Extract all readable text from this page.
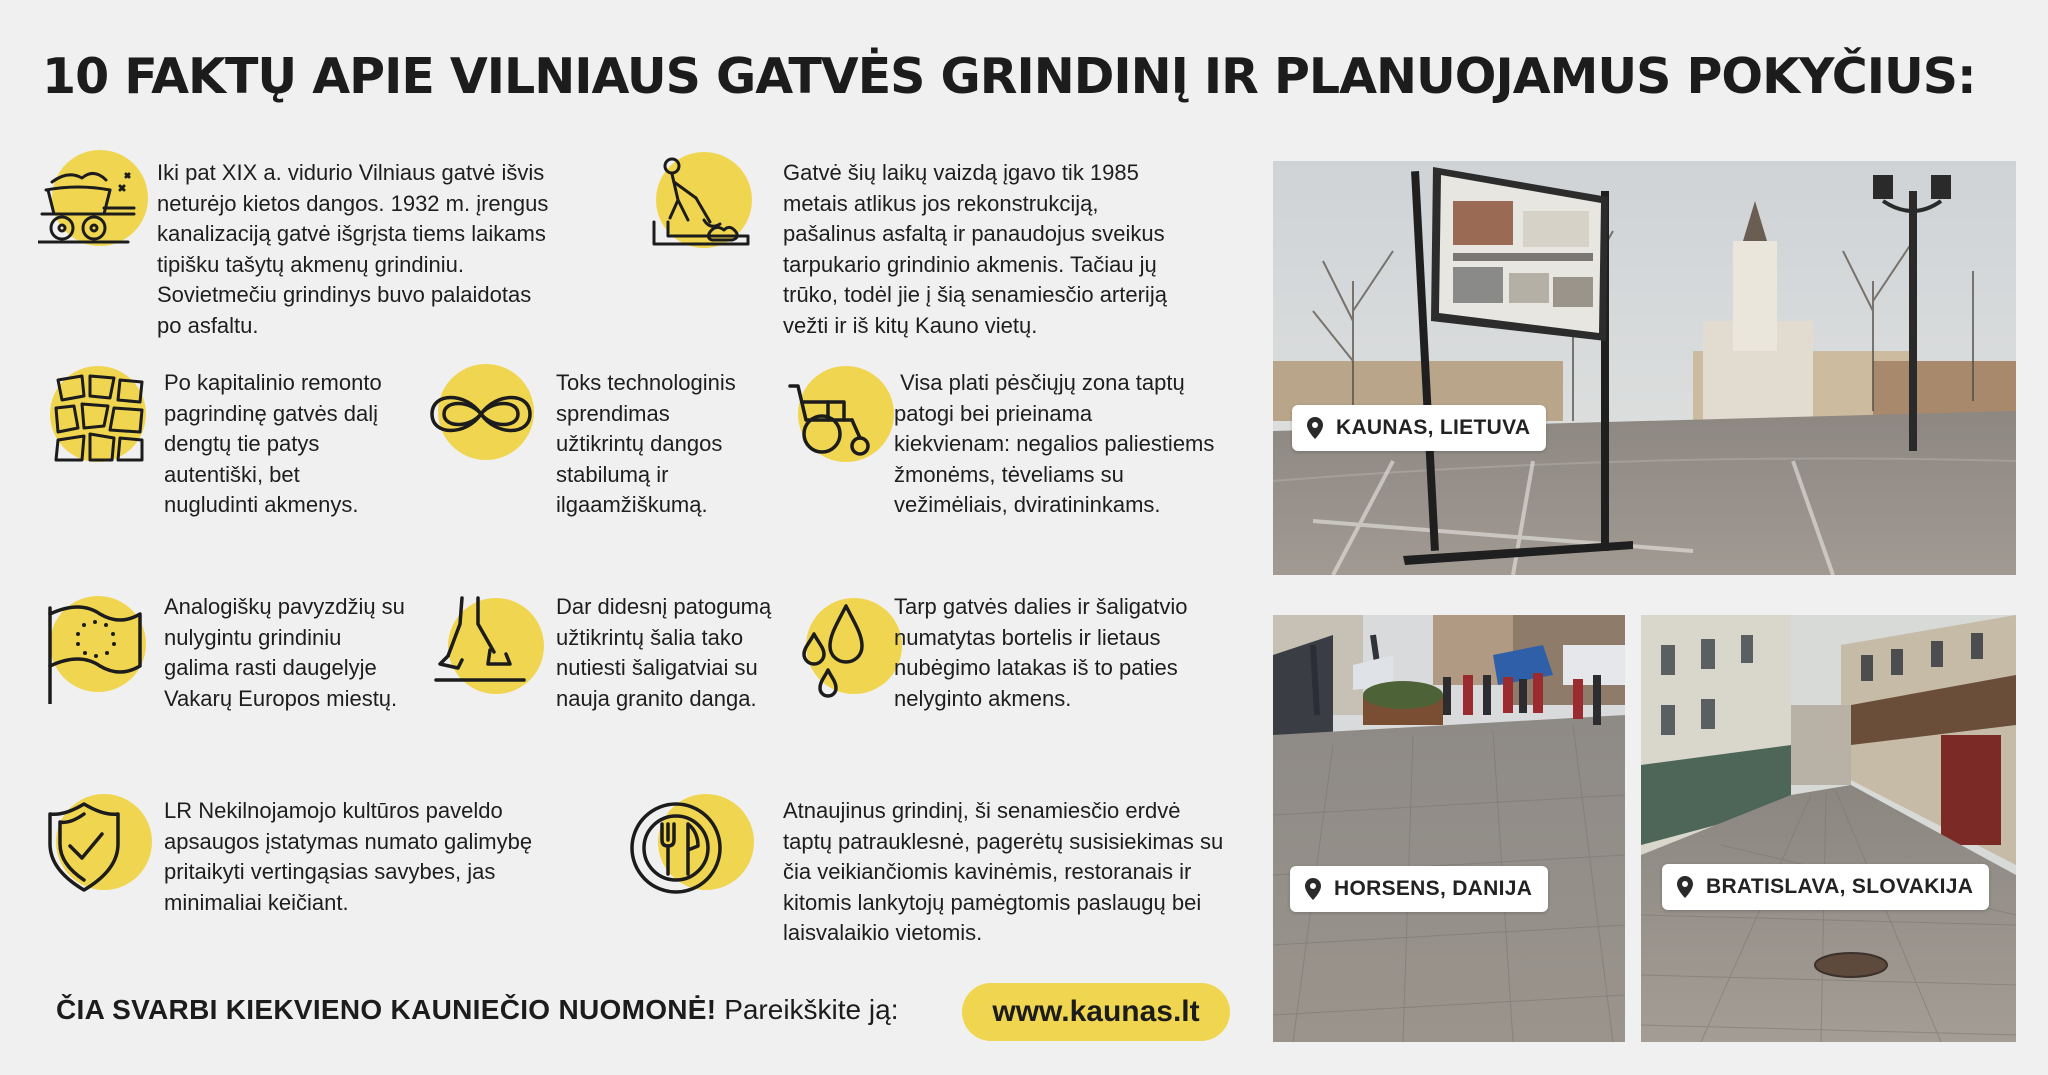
10 FAKTŲ APIE VILNIAUS GATVĖS GRINDINĮ IR PLANUOJAMUS POKYČIUS:
Iki pat XIX a. vidurio Vilniaus gatvė išvis
neturėjo kietos dangos. 1932 m. įrengus
kanalizaciją gatvė išgrįsta tiems laikams
tipišku tašytų akmenų grindiniu.
Sovietmečiu grindinys buvo palaidotas
po asfaltu.
Gatvė šių laikų vaizdą įgavo tik 1985
metais atlikus jos rekonstrukciją,
pašalinus asfaltą ir panaudojus sveikus
tarpukario grindinio akmenis. Tačiau jų
trūko, todėl jie į šią senamiesčio arteriją
vežti ir iš kitų Kauno vietų.
Po kapitalinio remonto
pagrindinę gatvės dalį
dengtų tie patys
autentiški, bet
nugludinti akmenys.
Toks technologinis
sprendimas
užtikrintų dangos
stabilumą ir
ilgaamžiškumą.
Visa plati pėsčiųjų zona taptų
patogi bei prieinama
kiekvienam: negalios paliestiems
žmonėms, tėveliams su
vežimėliais, dviratininkams.
Analogiškų pavyzdžių su
nulygintu grindiniu
galima rasti daugelyje
Vakarų Europos miestų.
Dar didesnį patogumą
užtikrintų šalia tako
nutiesti šaligatviai su
nauja granito danga.
Tarp gatvės dalies ir šaligatvio
numatytas bortelis ir lietaus
nubėgimo latakas iš to paties
nelyginto akmens.
LR Nekilnojamojo kultūros paveldo
apsaugos įstatymas numato galimybę
pritaikyti vertingąsias savybes, jas
minimaliai keičiant.
Atnaujinus grindinį, ši senamiesčio erdvė
taptų patrauklesnė, pagerėtų susisiekimas su
čia veikiančiomis kavinėmis, restoranais ir
kitomis lankytojų pamėgtomis paslaugų bei
laisvalaikio vietomis.
KAUNAS, LIETUVA
HORSENS, DANIJA	BRATISLAVA, SLOVAKIJA
ČIA SVARBI KIEKVIENO KAUNIEČIO NUOMONĖ! Pareikškite ją:	www.kaunas.lt
